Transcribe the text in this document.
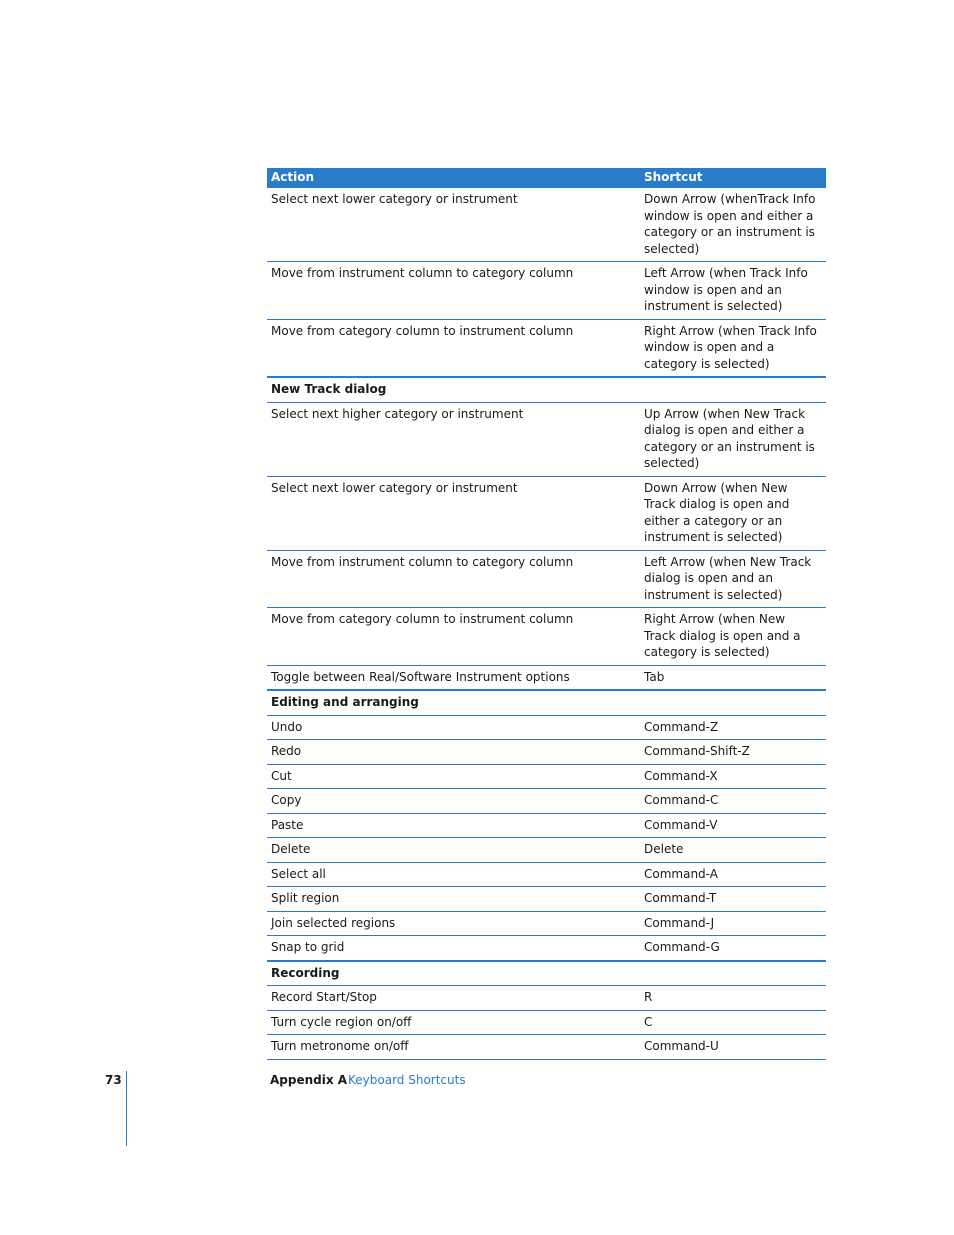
Action	Shortcut
Select next lower category or instrument	Down Arrow (whenTrack Info window is open and either a category or an instrument is selected)
Move from instrument column to category column	Left Arrow (when Track Info window is open and an instrument is selected)
Move from category column to instrument column	Right Arrow (when Track Info window is open and a category is selected)
New Track dialog
Select next higher category or instrument	Up Arrow (when New Track dialog is open and either a category or an instrument is selected)
Select next lower category or instrument	Down Arrow (when New Track dialog is open and either a category or an instrument is selected)
Move from instrument column to category column	Left Arrow (when New Track dialog is open and an instrument is selected)
Move from category column to instrument column	Right Arrow (when New Track dialog is open and a category is selected)
Toggle between Real/Software Instrument options	Tab
Editing and arranging
Undo	Command-Z
Redo	Command-Shift-Z
Cut	Command-X
Copy	Command-C
Paste	Command-V
Delete	Delete
Select all	Command-A
Split region	Command-T
Join selected regions	Command-J
Snap to grid	Command-G
Recording
Record Start/Stop	R
Turn cycle region on/off	C
Turn metronome on/off	Command-U
73	Appendix A Keyboard Shortcuts
